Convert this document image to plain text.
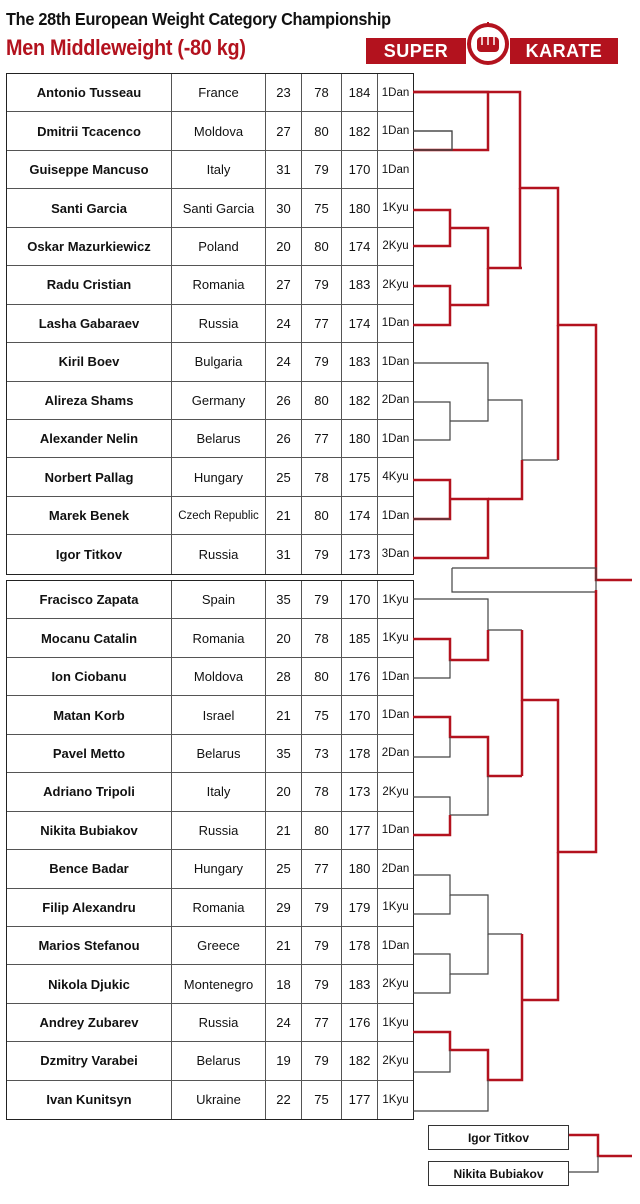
The 28th European Weight Category Championship
Men Middleweight (-80 kg)	SUPER	KARATE
Antonio Tusseau	France	23	78	184 1Dan
Dmitrii Tcacenco	Moldova	27	80	182 1Dan
Guiseppe Mancuso	Italy	31	79	170 1Dan
Santi Garcia	Santi Garcia	30	75	180	1Kyu
Oskar Mazurkiewicz	Poland	20	80	174	2Kyu
Radu Cristian	Romania	27	79	183	2Kyu
Lasha Gabaraev	Russia	24	77	174 1Dan
Kiril Boev	Bulgaria	24	79	183 1Dan
Alireza Shams	Germany	26	80	182 2Dan
Alexander Nelin	Belarus	26	77	180 1Dan
Norbert Pallag	Hungary	25	78	175	4Kyu
Marek Benek	Czech Republic	21	80	174 1Dan
Igor Titkov	Russia	31	79	173 3Dan
Fracisco Zapata	Spain	35	79	170	1Kyu
Mocanu Catalin	Romania	20	78	185	1Kyu
Ion Ciobanu	Moldova	28	80	176 1Dan
Matan Korb	Israel	21	75	170 1Dan
Pavel Metto	Belarus	35	73	178 2Dan
Adriano Tripoli	Italy	20	78	173	2Kyu
Nikita Bubiakov	Russia	21	80	177 1Dan
Bence Badar	Hungary	25	77	180 2Dan
Filip Alexandru	Romania	29	79	179	1Kyu
Marios Stefanou	Greece	21	79	178 1Dan
Nikola Djukic	Montenegro	18	79	183	2Kyu
Andrey Zubarev	Russia	24	77	176	1Kyu
Dzmitry Varabei	Belarus	19	79	182	2Kyu
Ivan Kunitsyn	Ukraine	22	75	177	1Kyu
Igor Titkov
Nikita Bubiakov
